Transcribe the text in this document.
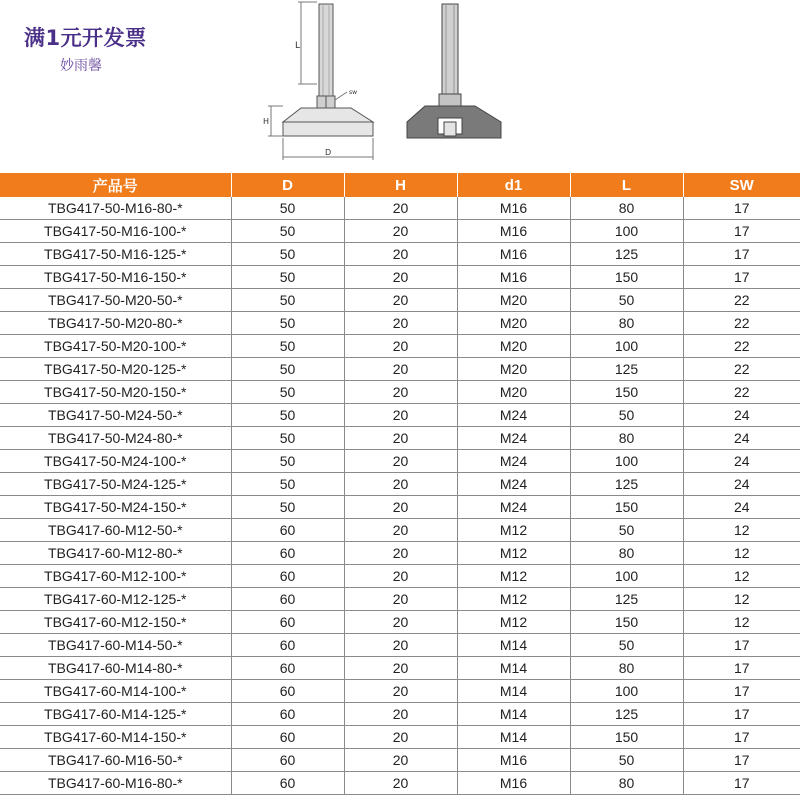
满1元开发票
妙雨馨
L
H
D
sw
产品号	D	H	d1	L	SW
TBG417-50-M16-80-*	50	20	M16	80	17
TBG417-50-M16-100-*	50	20	M16	100	17
TBG417-50-M16-125-*	50	20	M16	125	17
TBG417-50-M16-150-*	50	20	M16	150	17
TBG417-50-M20-50-*	50	20	M20	50	22
TBG417-50-M20-80-*	50	20	M20	80	22
TBG417-50-M20-100-*	50	20	M20	100	22
TBG417-50-M20-125-*	50	20	M20	125	22
TBG417-50-M20-150-*	50	20	M20	150	22
TBG417-50-M24-50-*	50	20	M24	50	24
TBG417-50-M24-80-*	50	20	M24	80	24
TBG417-50-M24-100-*	50	20	M24	100	24
TBG417-50-M24-125-*	50	20	M24	125	24
TBG417-50-M24-150-*	50	20	M24	150	24
TBG417-60-M12-50-*	60	20	M12	50	12
TBG417-60-M12-80-*	60	20	M12	80	12
TBG417-60-M12-100-*	60	20	M12	100	12
TBG417-60-M12-125-*	60	20	M12	125	12
TBG417-60-M12-150-*	60	20	M12	150	12
TBG417-60-M14-50-*	60	20	M14	50	17
TBG417-60-M14-80-*	60	20	M14	80	17
TBG417-60-M14-100-*	60	20	M14	100	17
TBG417-60-M14-125-*	60	20	M14	125	17
TBG417-60-M14-150-*	60	20	M14	150	17
TBG417-60-M16-50-*	60	20	M16	50	17
TBG417-60-M16-80-*	60	20	M16	80	17
